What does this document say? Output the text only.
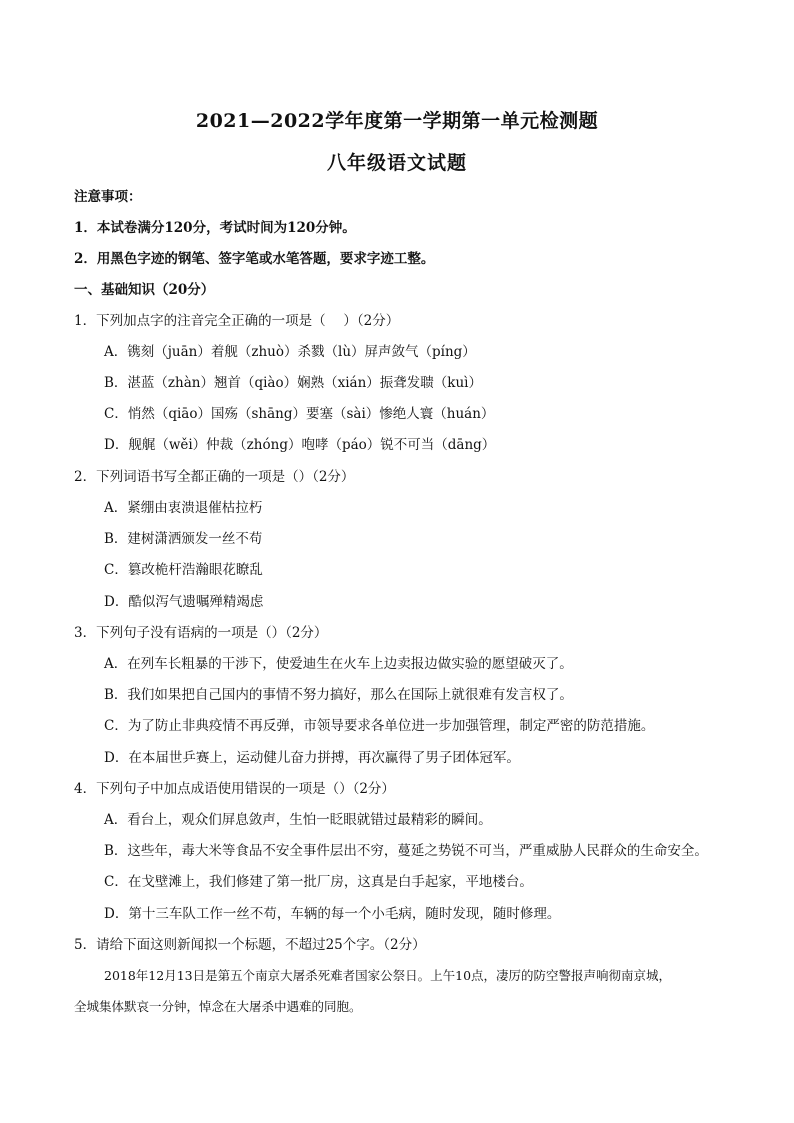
2021—2022学年度第一学期第一单元检测题
八年级语文试题
注意事项：
1．本试卷满分120分，考试时间为120分钟。
2．用黑色字迹的钢笔、签字笔或水笔答题，要求字迹工整。
一、基础知识（20分）
1．下列加点字的注音完全正确的一项是（　 ）（2分）
A．镌刻（juān）着舰（zhuò）杀戮（lù）屏声敛气（píng）
B．湛蓝（zhàn）翘首（qiào）娴熟（xián）振聋发聩（kuì）
C．悄然（qiāo）国殇（shāng）要塞（sài）惨绝人寰（huán）
D．舰艉（wěi）仲裁（zhóng）咆哮（páo）锐不可当（dāng）
2．下列词语书写全都正确的一项是（）（2分）
A．紧绷由衷溃退催枯拉朽
B．建树潇洒颁发一丝不苟
C．篡改桅杆浩瀚眼花瞭乱
D．酷似泻气遗嘱殚精竭虑
3．下列句子没有语病的一项是（）（2分）
A．在列车长粗暴的干涉下，使爱迪生在火车上边卖报边做实验的愿望破灭了。
B．我们如果把自己国内的事情不努力搞好，那么在国际上就很难有发言权了。
C．为了防止非典疫情不再反弹，市领导要求各单位进一步加强管理，制定严密的防范措施。
D．在本届世乒赛上，运动健儿奋力拼搏，再次赢得了男子团体冠军。
4．下列句子中加点成语使用错误的一项是（）（2分）
A．看台上，观众们屏息敛声，生怕一眨眼就错过最精彩的瞬间。
B．这些年，毒大米等食品不安全事件层出不穷，蔓延之势锐不可当，严重威胁人民群众的生命安全。
C．在戈壁滩上，我们修建了第一批厂房，这真是白手起家，平地楼台。
D．第十三车队工作一丝不苟，车辆的每一个小毛病，随时发现，随时修理。
5．请给下面这则新闻拟一个标题，不超过25个字。（2分）
2018年12月13日是第五个南京大屠杀死难者国家公祭日。上午10点，凄厉的防空警报声响彻南京城，
全城集体默哀一分钟，悼念在大屠杀中遇难的同胞。
